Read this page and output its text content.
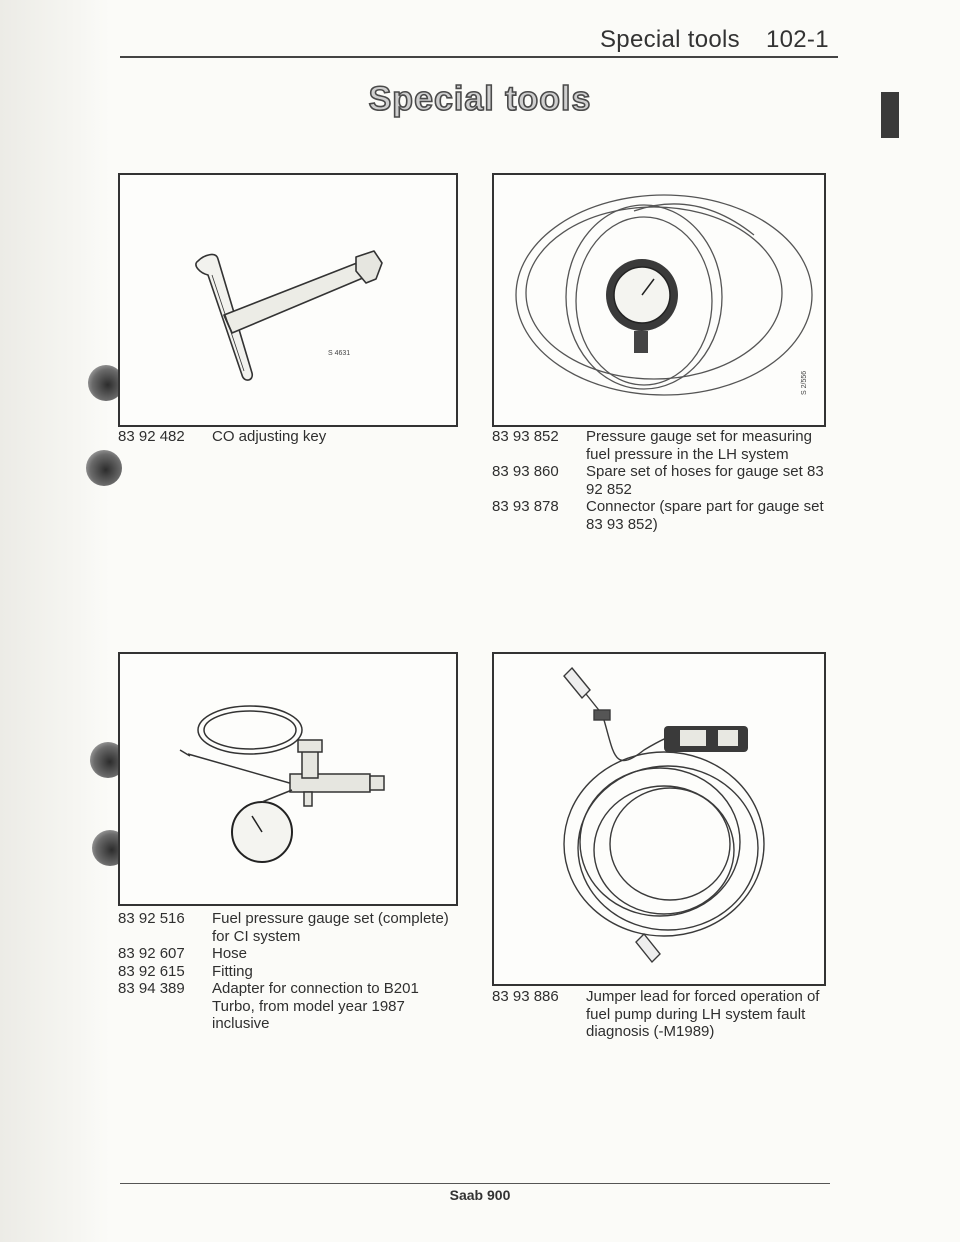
Special tools 102-1
Special tools
S 4631
83 92 482	CO adjusting key
S 2/556
83 93 852	Pressure gauge set for measuring fuel pressure in the LH system
83 93 860	Spare set of hoses for gauge set 83 92 852
83 93 878	Connector (spare part for gauge set 83 93 852)
83 92 516	Fuel pressure gauge set (complete) for CI system
83 92 607	Hose
83 92 615	Fitting
83 94 389	Adapter for connection to B201 Turbo, from model year 1987 inclusive
83 93 886	Jumper lead for forced operation of fuel pump during LH system fault diagnosis (-M1989)
Saab 900
